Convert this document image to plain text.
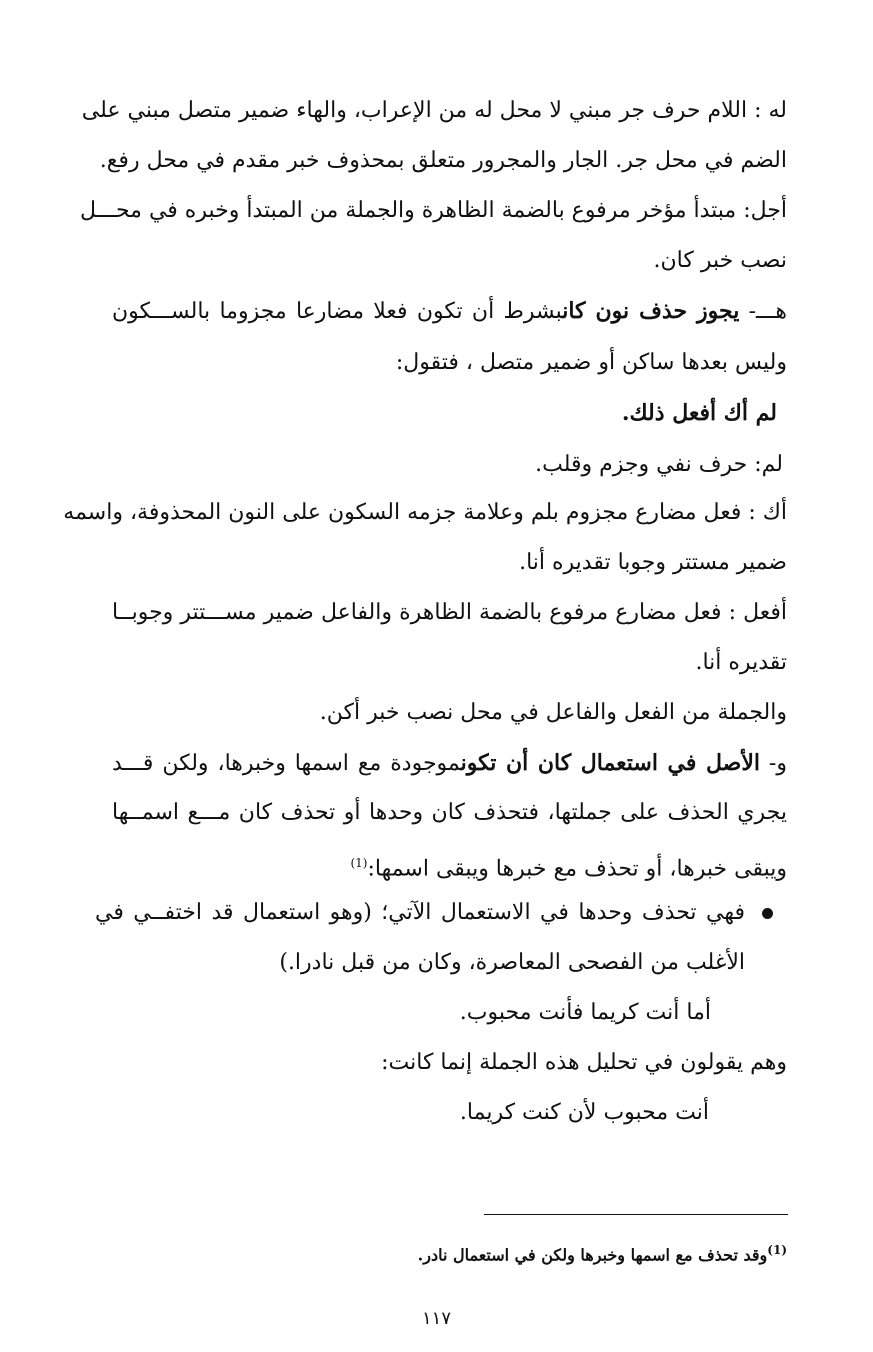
له : اللام حرف جر مبني لا محل له من الإعراب، والهاء ضمير متصل مبني على
الضم في محل جر. الجار والمجرور متعلق بمحذوف خبر مقدم في محل رفع.
أجل: مبتدأ مؤخر مرفوع بالضمة الظاهرة والجملة من المبتدأ وخبره في محـــل
نصب خبر كان.
هـــ- يجوز حذف نون كانبشرط أن تكون فعلا مضارعا مجزوما بالســـكون
وليس بعدها ساكن أو ضمير متصل ، فتقول:
لم أك أفعل ذلك.
لم: حرف نفي وجزم وقلب.
أك : فعل مضارع مجزوم بلم وعلامة جزمه السكون على النون المحذوفة، واسمه
ضمير مستتر وجوبا تقديره أنا.
أفعل : فعل مضارع مرفوع بالضمة الظاهرة والفاعل ضمير مســـتتر وجوبــا
تقديره أنا.
والجملة من الفعل والفاعل في محل نصب خبر أكن.
و- الأصل في استعمال كان أن تكونموجودة مع اسمها وخبرها، ولكن قـــد
يجري الحذف على جملتها، فتحذف كان وحدها أو تحذف كان مـــع اسمــها
ويبقى خبرها، أو تحذف مع خبرها ويبقى اسمها:$^{(1)}$
فهي تحذف وحدها في الاستعمال الآتي؛ (وهو استعمال قد اختفــي في
الأغلب من الفصحى المعاصرة، وكان من قبل نادرا.)
أما أنت كريما فأنت محبوب.
وهم يقولون في تحليل هذه الجملة إنما كانت:
أنت محبوب لأن كنت كريما.
$^{(1)}$وقد تحذف مع اسمها وخبرها ولكن في استعمال نادر.
١١٧
